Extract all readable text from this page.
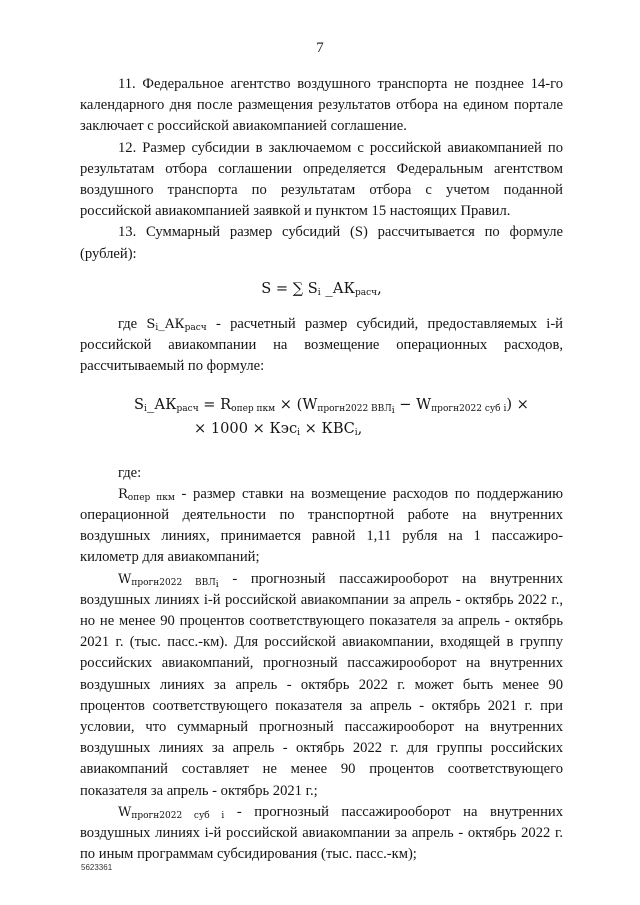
7

11. Федеральное агентство воздушного транспорта не позднее 14-го календарного дня после размещения результатов отбора на едином портале заключает с российской авиакомпанией соглашение.

12. Размер субсидии в заключаемом с российской авиакомпанией по результатам отбора соглашении определяется Федеральным агентством воздушного транспорта по результатам отбора с учетом поданной российской авиакомпанией заявкой и пунктом 15 настоящих Правил.

13. Суммарный размер субсидий (S) рассчитывается по формуле (рублей):

S = ∑ $S_i$ $\_АК_{расч}$,

где $S_i\_АК_{расч}$ - расчетный размер субсидий, предоставляемых i-й российской авиакомпании на возмещение операционных расходов, рассчитываемый по формуле:

$S_i\_АК_{расч} = R_{опер пкм} \times (W_{прогн2022 ВВЛ_i} - W_{прогн2022 суб i})$ ×
× $1000 \times Кэс_i \times КВС_i$,

где:

$R_{опер пкм}$ - размер ставки на возмещение расходов по поддержанию операционной деятельности по транспортной работе на внутренних воздушных линиях, принимается равной 1,11 рубля на 1 пассажиро-километр для авиакомпаний;

$W_{прогн2022 ВВЛ_i}$ - прогнозный пассажирооборот на внутренних воздушных линиях i-й российской авиакомпании за апрель - октябрь 2022 г., но не менее 90 процентов соответствующего показателя за апрель - октябрь 2021 г. (тыс. пасс.-км). Для российской авиакомпании, входящей в группу российских авиакомпаний, прогнозный пассажирооборот на внутренних воздушных линиях за апрель - октябрь 2022 г. может быть менее 90 процентов соответствующего показателя за апрель - октябрь 2021 г. при условии, что суммарный прогнозный пассажирооборот на внутренних воздушных линиях за апрель - октябрь 2022 г. для группы российских авиакомпаний составляет не менее 90 процентов соответствующего показателя за апрель - октябрь 2021 г.;

$W_{прогн2022 суб i}$ - прогнозный пассажирооборот на внутренних воздушных линиях i-й российской авиакомпании за апрель - октябрь 2022 г. по иным программам субсидирования (тыс. пасс.-км);

5623361
